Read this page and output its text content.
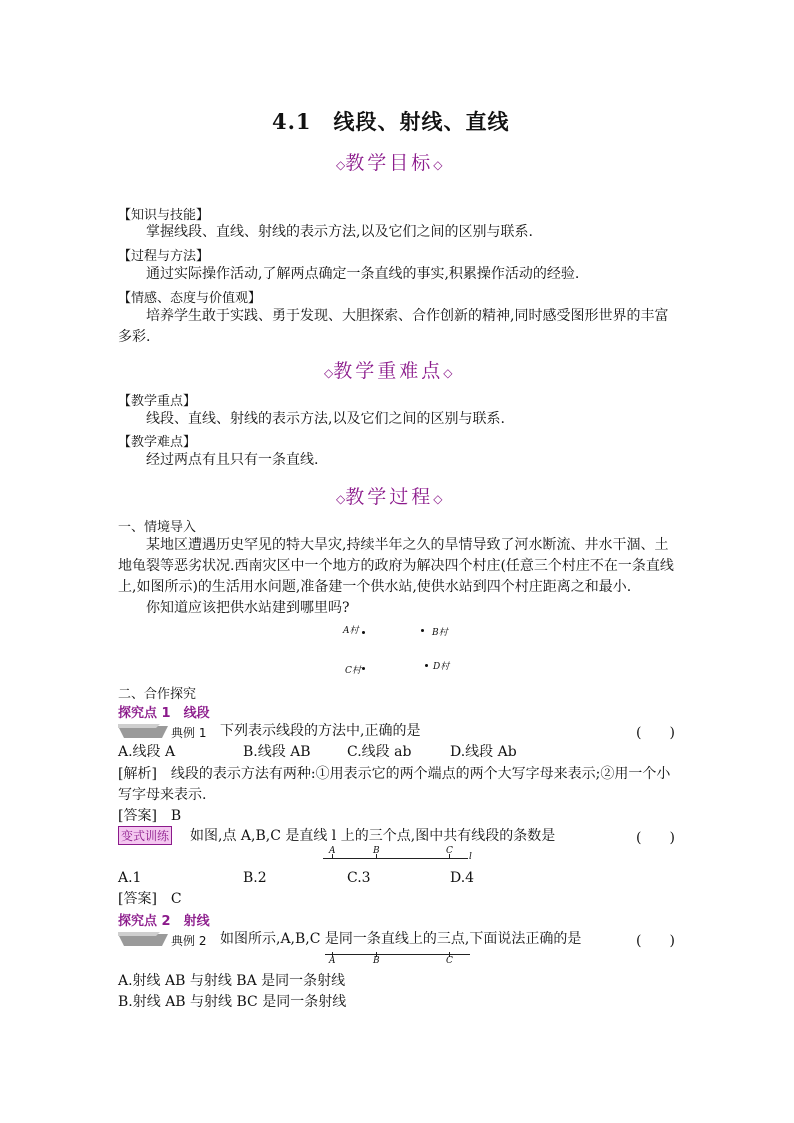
4.1　线段、射线、直线
◇教学目标◇
【知识与技能】
掌握线段、直线、射线的表示方法,以及它们之间的区别与联系.
【过程与方法】
通过实际操作活动,了解两点确定一条直线的事实,积累操作活动的经验.
【情感、态度与价值观】
培养学生敢于实践、勇于发现、大胆探索、合作创新的精神,同时感受图形世界的丰富
多彩.
◇教学重难点◇
【教学重点】
线段、直线、射线的表示方法,以及它们之间的区别与联系.
【教学难点】
经过两点有且只有一条直线.
◇教学过程◇
一、情境导入
某地区遭遇历史罕见的特大旱灾,持续半年之久的旱情导致了河水断流、井水干涸、土
地龟裂等恶劣状况.西南灾区中一个地方的政府为解决四个村庄(任意三个村庄不在一条直线
上,如图所示)的生活用水问题,准备建一个供水站,使供水站到四个村庄距离之和最小.
你知道应该把供水站建到哪里吗?
A村	B村
C村	D村
二、合作探究
探究点 1　线段
典例 1 下列表示线段的方法中,正确的是	(　　)
A.线段 A	B.线段 AB	C.线段 ab	D.线段 Ab
[解析]　线段的表示方法有两种:①用表示它的两个端点的两个大写字母来表示;②用一个小
写字母来表示.
[答案]　B
变式训练 如图,点 A,B,C 是直线 l 上的三个点,图中共有线段的条数是	(　　)
A	B	C
l
A.1	B.2	C.3	D.4
[答案]　C
探究点 2　射线
典例 2 如图所示,A,B,C 是同一条直线上的三点,下面说法正确的是	(　　)
A	B	C
A.射线 AB 与射线 BA 是同一条射线
B.射线 AB 与射线 BC 是同一条射线
